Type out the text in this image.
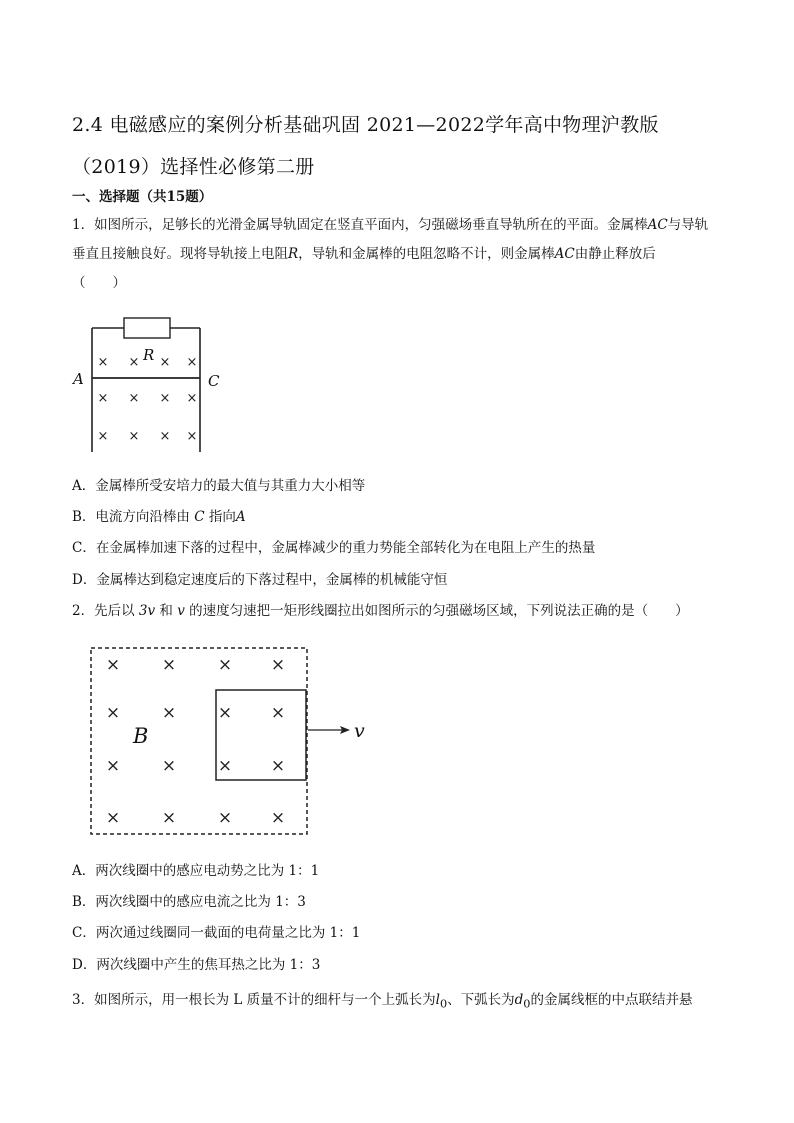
2.4 电磁感应的案例分析基础巩固 2021—2022学年高中物理沪教版
（2019）选择性必修第二册
一、选择题（共15题）
1．如图所示，足够长的光滑金属导轨固定在竖直平面内，匀强磁场垂直导轨所在的平面。金属棒AC与导轨垂直且接触良好。现将导轨接上电阻R，导轨和金属棒的电阻忽略不计，则金属棒AC由静止释放后
（　　）
× × × ×
× × × ×
× × × ×
R
A	C
A．金属棒所受安培力的最大值与其重力大小相等
B．电流方向沿棒由 C 指向A
C．在金属棒加速下落的过程中，金属棒减少的重力势能全部转化为在电阻上产生的热量
D．金属棒达到稳定速度后的下落过程中，金属棒的机械能守恒
2．先后以 3v 和 v 的速度匀速把一矩形线圈拉出如图所示的匀强磁场区域，下列说法正确的是（　　）
× × × ×
× × × ×
× × × ×
× × × ×
B	v
A．两次线圈中的感应电动势之比为 1：1
B．两次线圈中的感应电流之比为 1：3
C．两次通过线圈同一截面的电荷量之比为 1：1
D．两次线圈中产生的焦耳热之比为 1：3
3．如图所示，用一根长为 L 质量不计的细杆与一个上弧长为$l_0$、下弧长为$d_0$的金属线框的中点联结并悬
